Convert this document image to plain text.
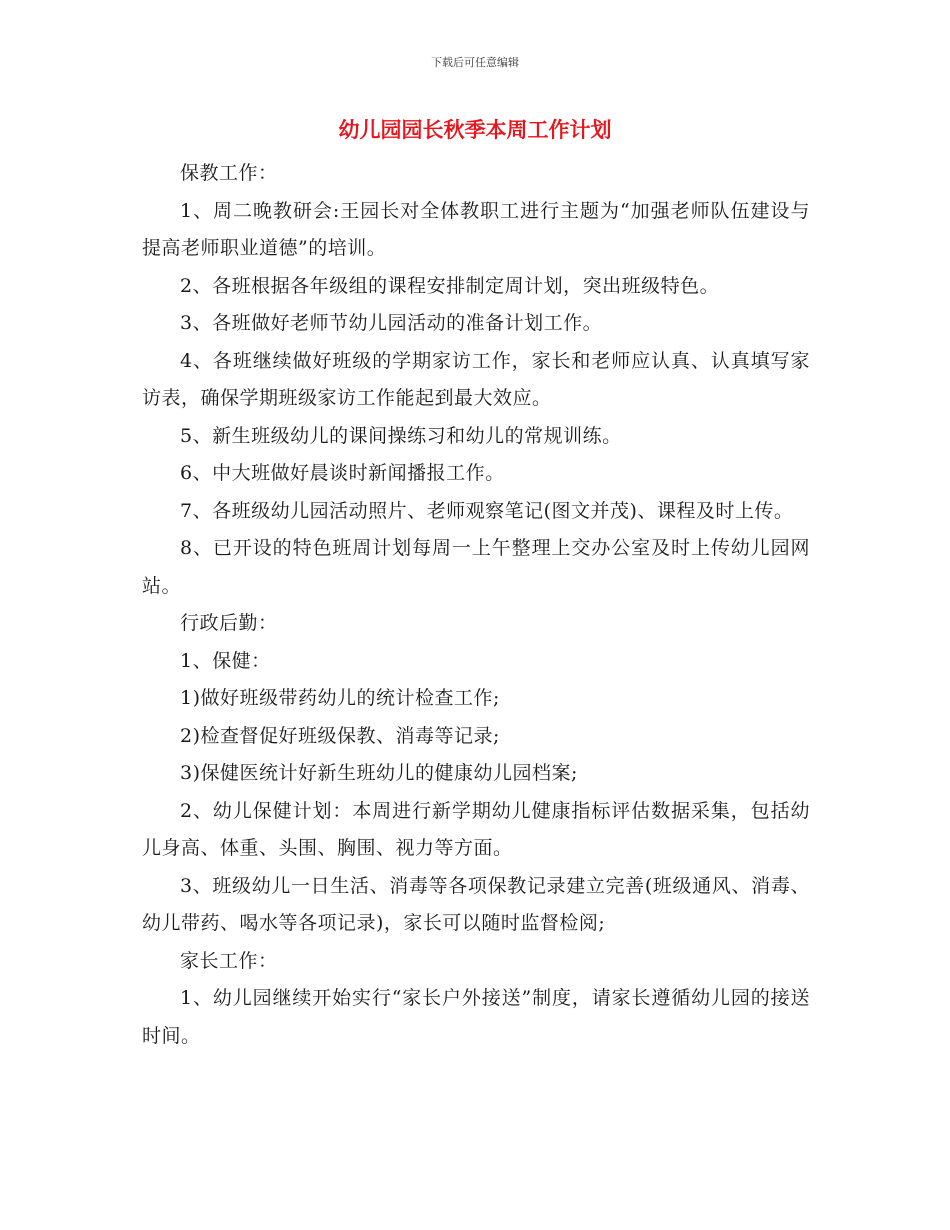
下载后可任意编辑
幼儿园园长秋季本周工作计划

保教工作：

1、周二晚教研会:王园长对全体教职工进行主题为“加强老师队伍建设与提高老师职业道德”的培训。

2、各班根据各年级组的课程安排制定周计划，突出班级特色。

3、各班做好老师节幼儿园活动的准备计划工作。

4、各班继续做好班级的学期家访工作，家长和老师应认真、认真填写家访表，确保学期班级家访工作能起到最大效应。

5、新生班级幼儿的课间操练习和幼儿的常规训练。

6、中大班做好晨谈时新闻播报工作。

7、各班级幼儿园活动照片、老师观察笔记(图文并茂)、课程及时上传。

8、已开设的特色班周计划每周一上午整理上交办公室及时上传幼儿园网站。

行政后勤：

1、保健：

1)做好班级带药幼儿的统计检查工作;

2)检查督促好班级保教、消毒等记录;

3)保健医统计好新生班幼儿的健康幼儿园档案;

2、幼儿保健计划：本周进行新学期幼儿健康指标评估数据采集，包括幼儿身高、体重、头围、胸围、视力等方面。

3、班级幼儿一日生活、消毒等各项保教记录建立完善(班级通风、消毒、幼儿带药、喝水等各项记录)，家长可以随时监督检阅;

家长工作：

1、幼儿园继续开始实行“家长户外接送”制度，请家长遵循幼儿园的接送时间。
